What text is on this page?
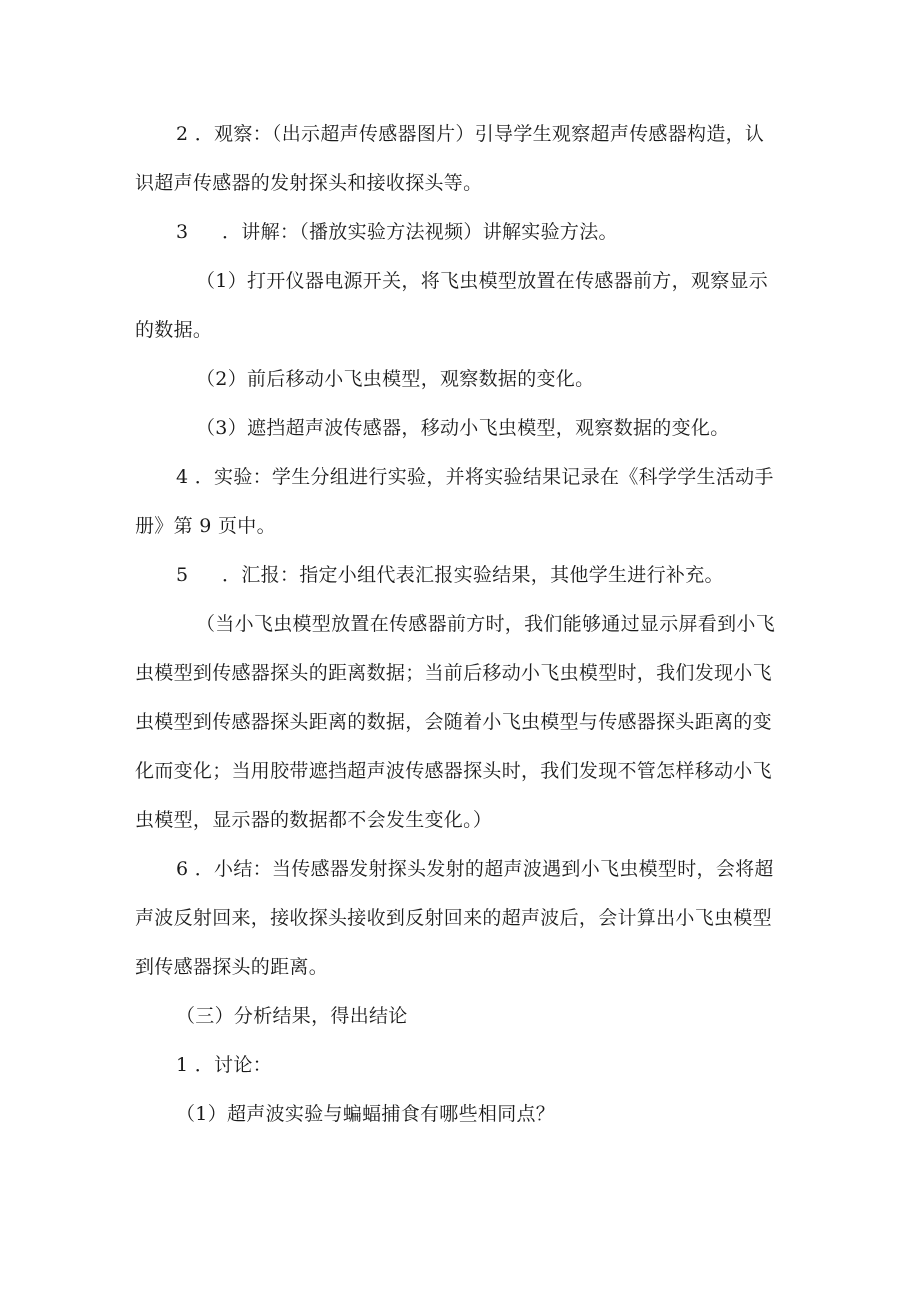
2 ．观察：（出示超声传感器图片）引导学生观察超声传感器构造，认
识超声传感器的发射探头和接收探头等。
3 ．讲解：（播放实验方法视频）讲解实验方法。
（1）打开仪器电源开关，将飞虫模型放置在传感器前方，观察显示
的数据。
（2）前后移动小飞虫模型，观察数据的变化。
（3）遮挡超声波传感器，移动小飞虫模型，观察数据的变化。
4 ．实验：学生分组进行实验，并将实验结果记录在《科学学生活动手
册》第 9 页中。
5 ．汇报：指定小组代表汇报实验结果，其他学生进行补充。
（当小飞虫模型放置在传感器前方时，我们能够通过显示屏看到小飞
虫模型到传感器探头的距离数据；当前后移动小飞虫模型时，我们发现小飞
虫模型到传感器探头距离的数据，会随着小飞虫模型与传感器探头距离的变
化而变化；当用胶带遮挡超声波传感器探头时，我们发现不管怎样移动小飞
虫模型，显示器的数据都不会发生变化。）
6 ．小结：当传感器发射探头发射的超声波遇到小飞虫模型时，会将超
声波反射回来，接收探头接收到反射回来的超声波后，会计算出小飞虫模型
到传感器探头的距离。
（三）分析结果，得出结论
1 ．讨论：
（1）超声波实验与蝙蝠捕食有哪些相同点？
